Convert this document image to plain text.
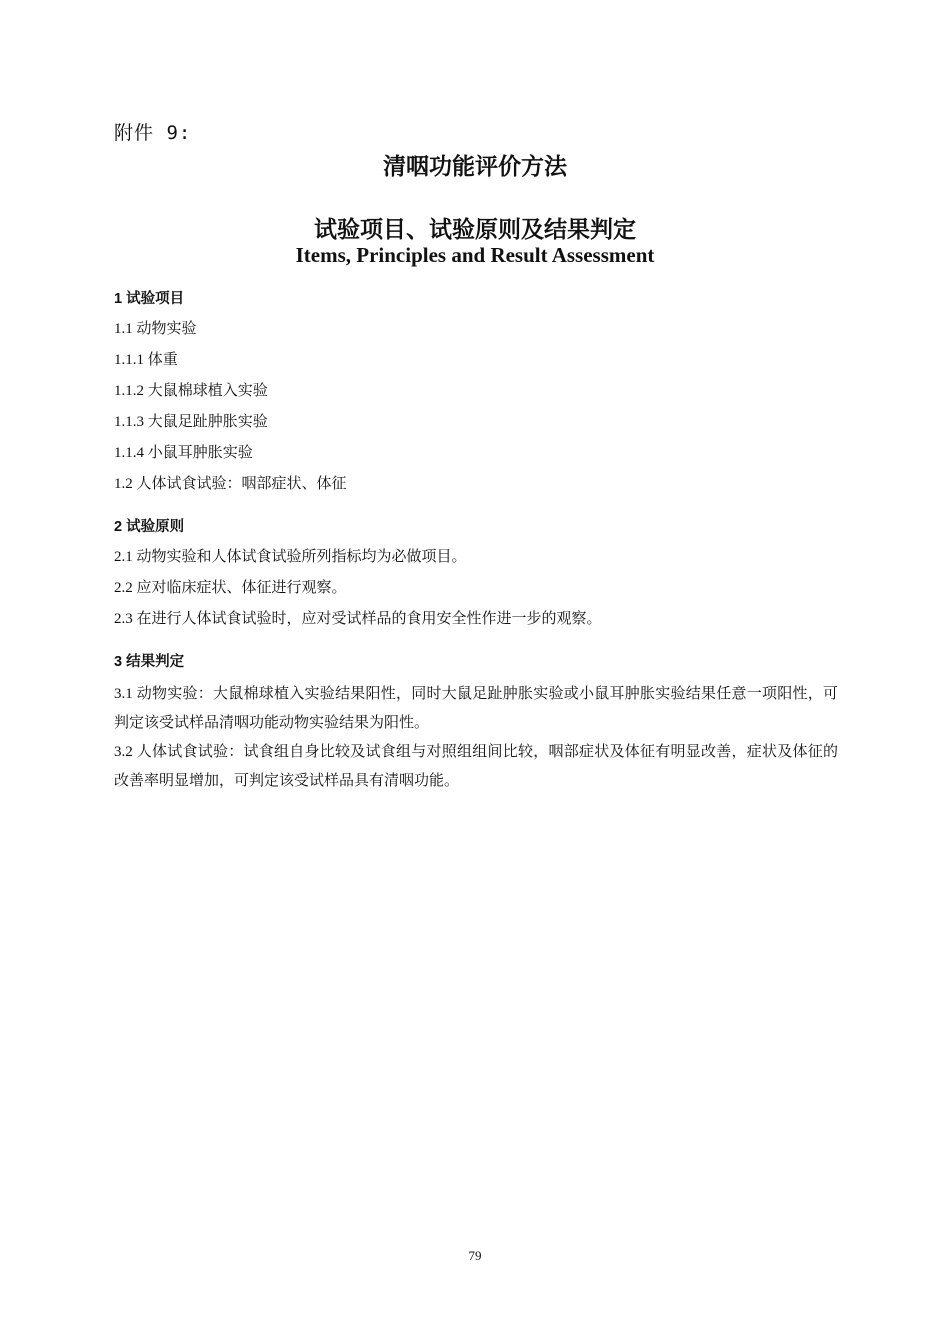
附件 9:
清咽功能评价方法
试验项目、试验原则及结果判定
Items, Principles and Result Assessment
1 试验项目
1.1 动物实验
1.1.1 体重
1.1.2 大鼠棉球植入实验
1.1.3 大鼠足趾肿胀实验
1.1.4 小鼠耳肿胀实验
1.2 人体试食试验：咽部症状、体征
2 试验原则
2.1 动物实验和人体试食试验所列指标均为必做项目。
2.2 应对临床症状、体征进行观察。
2.3 在进行人体试食试验时，应对受试样品的食用安全性作进一步的观察。
3 结果判定
3.1 动物实验：大鼠棉球植入实验结果阳性，同时大鼠足趾肿胀实验或小鼠耳肿胀实验结果任意一项阳性，可判定该受试样品清咽功能动物实验结果为阳性。
3.2 人体试食试验：试食组自身比较及试食组与对照组组间比较，咽部症状及体征有明显改善，症状及体征的改善率明显增加，可判定该受试样品具有清咽功能。
79
